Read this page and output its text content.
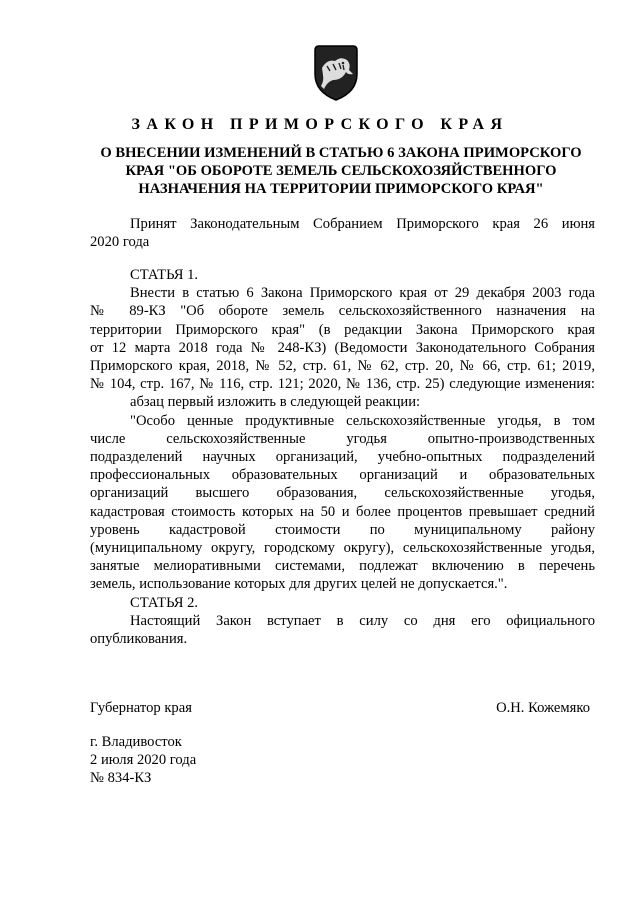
ЗАКОН ПРИМОРСКОГО КРАЯ
О ВНЕСЕНИИ ИЗМЕНЕНИЙ В СТАТЬЮ 6 ЗАКОНА ПРИМОРСКОГО
КРАЯ "ОБ ОБОРОТЕ ЗЕМЕЛЬ СЕЛЬСКОХОЗЯЙСТВЕННОГО
НАЗНАЧЕНИЯ НА ТЕРРИТОРИИ ПРИМОРСКОГО КРАЯ"
Принят Законодательным Собранием Приморского края 26 июня
2020 года
СТАТЬЯ 1.
Внести в статью 6 Закона Приморского края от 29 декабря 2003 года
№ 89-КЗ "Об обороте земель сельскохозяйственного назначения на
территории Приморского края" (в редакции Закона Приморского края
от 12 марта 2018 года № 248-КЗ) (Ведомости Законодательного Собрания
Приморского края, 2018, № 52, стр. 61, № 62, стр. 20, № 66, стр. 61; 2019,
№ 104, стр. 167, № 116, стр. 121; 2020, № 136, стр. 25) следующие изменения:
абзац первый изложить в следующей реакции:
"Особо ценные продуктивные сельскохозяйственные угодья, в том
числе сельскохозяйственные угодья опытно-производственных
подразделений научных организаций, учебно-опытных подразделений
профессиональных образовательных организаций и образовательных
организаций высшего образования, сельскохозяйственные угодья,
кадастровая стоимость которых на 50 и более процентов превышает средний
уровень кадастровой стоимости по муниципальному району
(муниципальному округу, городскому округу), сельскохозяйственные угодья,
занятые мелиоративными системами, подлежат включению в перечень
земель, использование которых для других целей не допускается.".
СТАТЬЯ 2.
Настоящий Закон вступает в силу со дня его официального
опубликования.
Губернатор края	О.Н. Кожемяко
г. Владивосток
2 июля 2020 года
№ 834-КЗ
